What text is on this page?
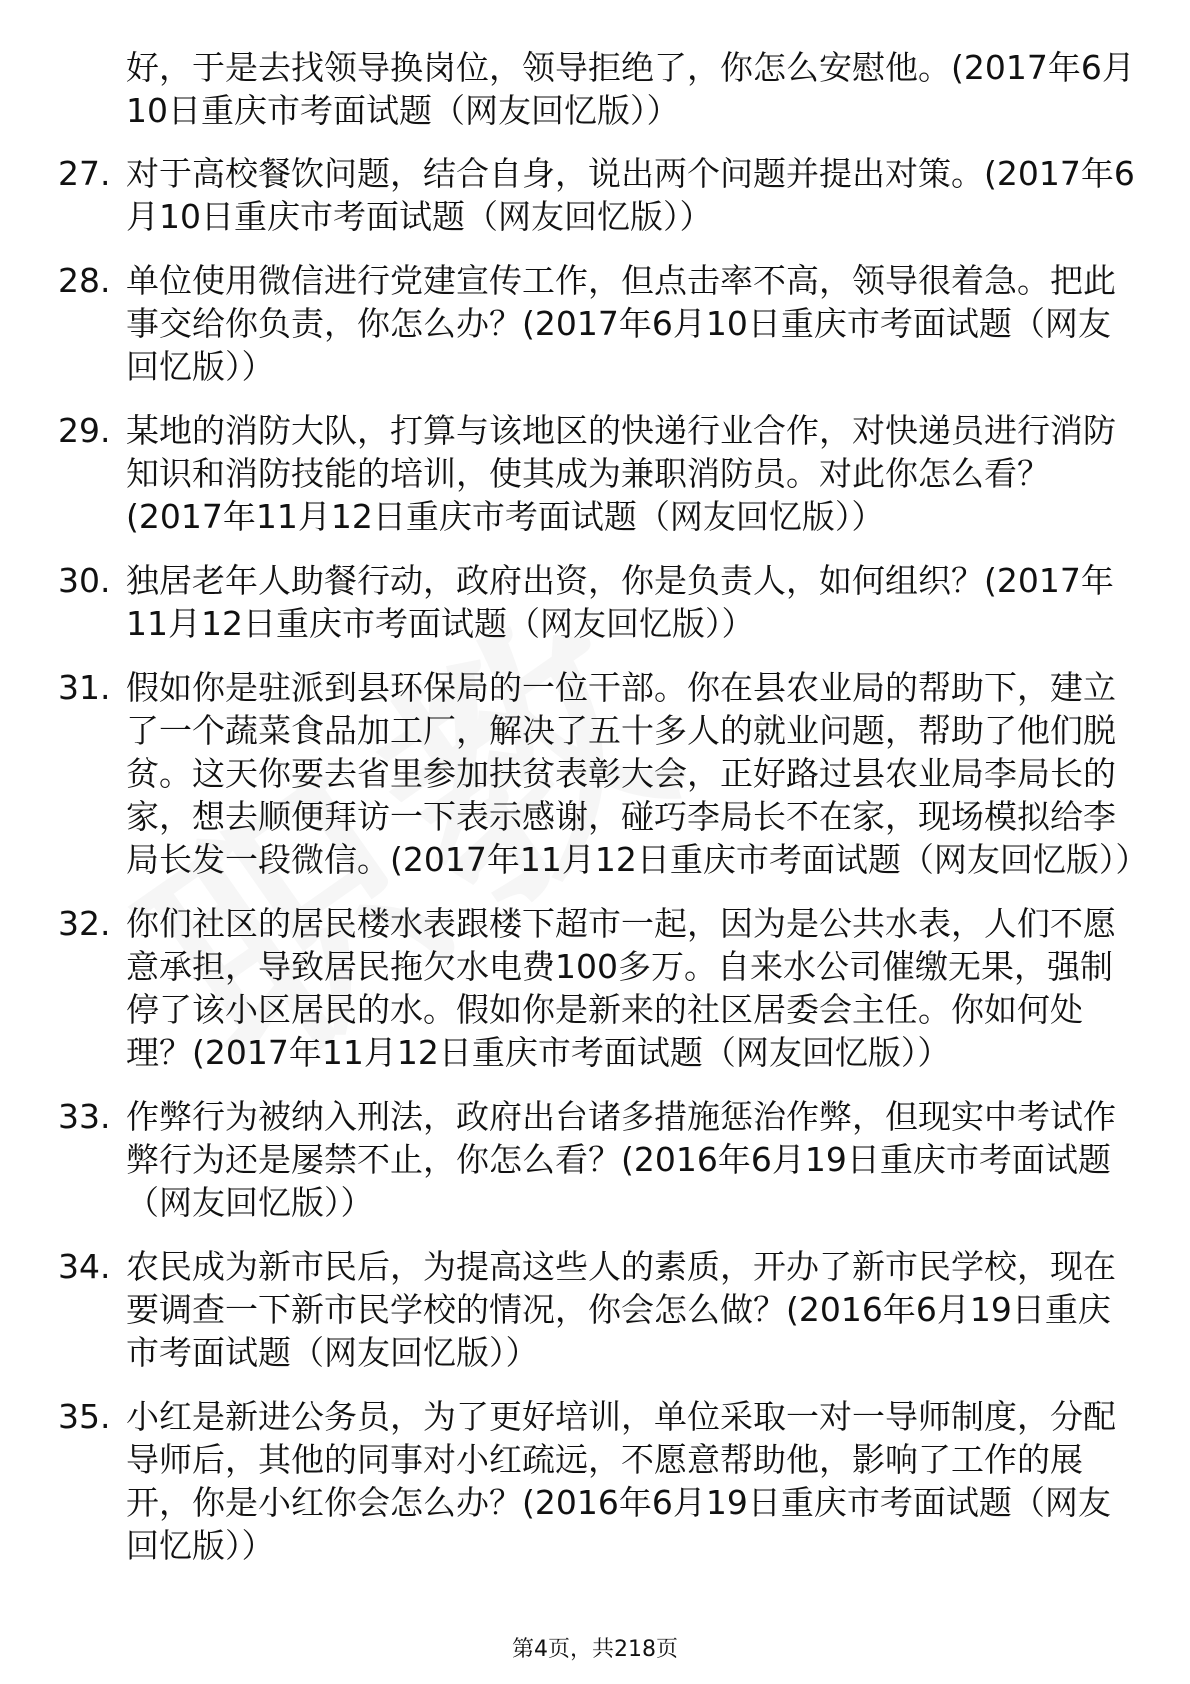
好，于是去找领导换岗位，领导拒绝了，你怎么安慰他。(2017年6月10日重庆市考面试题（网友回忆版））
27. 对于高校餐饮问题，结合自身，说出两个问题并提出对策。(2017年6月10日重庆市考面试题（网友回忆版））
28. 单位使用微信进行党建宣传工作，但点击率不高，领导很着急。把此事交给你负责，你怎么办？(2017年6月10日重庆市考面试题（网友回忆版））
29. 某地的消防大队，打算与该地区的快递行业合作，对快递员进行消防知识和消防技能的培训，使其成为兼职消防员。对此你怎么看？(2017年11月12日重庆市考面试题（网友回忆版））
30. 独居老年人助餐行动，政府出资，你是负责人，如何组织？(2017年11月12日重庆市考面试题（网友回忆版））
31. 假如你是驻派到县环保局的一位干部。你在县农业局的帮助下，建立了一个蔬菜食品加工厂，解决了五十多人的就业问题，帮助了他们脱贫。这天你要去省里参加扶贫表彰大会，正好路过县农业局李局长的家，想去顺便拜访一下表示感谢，碰巧李局长不在家，现场模拟给李局长发一段微信。(2017年11月12日重庆市考面试题（网友回忆版））
32. 你们社区的居民楼水表跟楼下超市一起，因为是公共水表，人们不愿意承担，导致居民拖欠水电费100多万。自来水公司催缴无果，强制停了该小区居民的水。假如你是新来的社区居委会主任。你如何处理？(2017年11月12日重庆市考面试题（网友回忆版））
33. 作弊行为被纳入刑法，政府出台诸多措施惩治作弊，但现实中考试作弊行为还是屡禁不止，你怎么看？(2016年6月19日重庆市考面试题（网友回忆版））
34. 农民成为新市民后，为提高这些人的素质，开办了新市民学校，现在要调查一下新市民学校的情况，你会怎么做？(2016年6月19日重庆市考面试题（网友回忆版））
35. 小红是新进公务员，为了更好培训，单位采取一对一导师制度，分配导师后，其他的同事对小红疏远，不愿意帮助他，影响了工作的展开，你是小红你会怎么办？(2016年6月19日重庆市考面试题（网友回忆版））
第4页，共218页
